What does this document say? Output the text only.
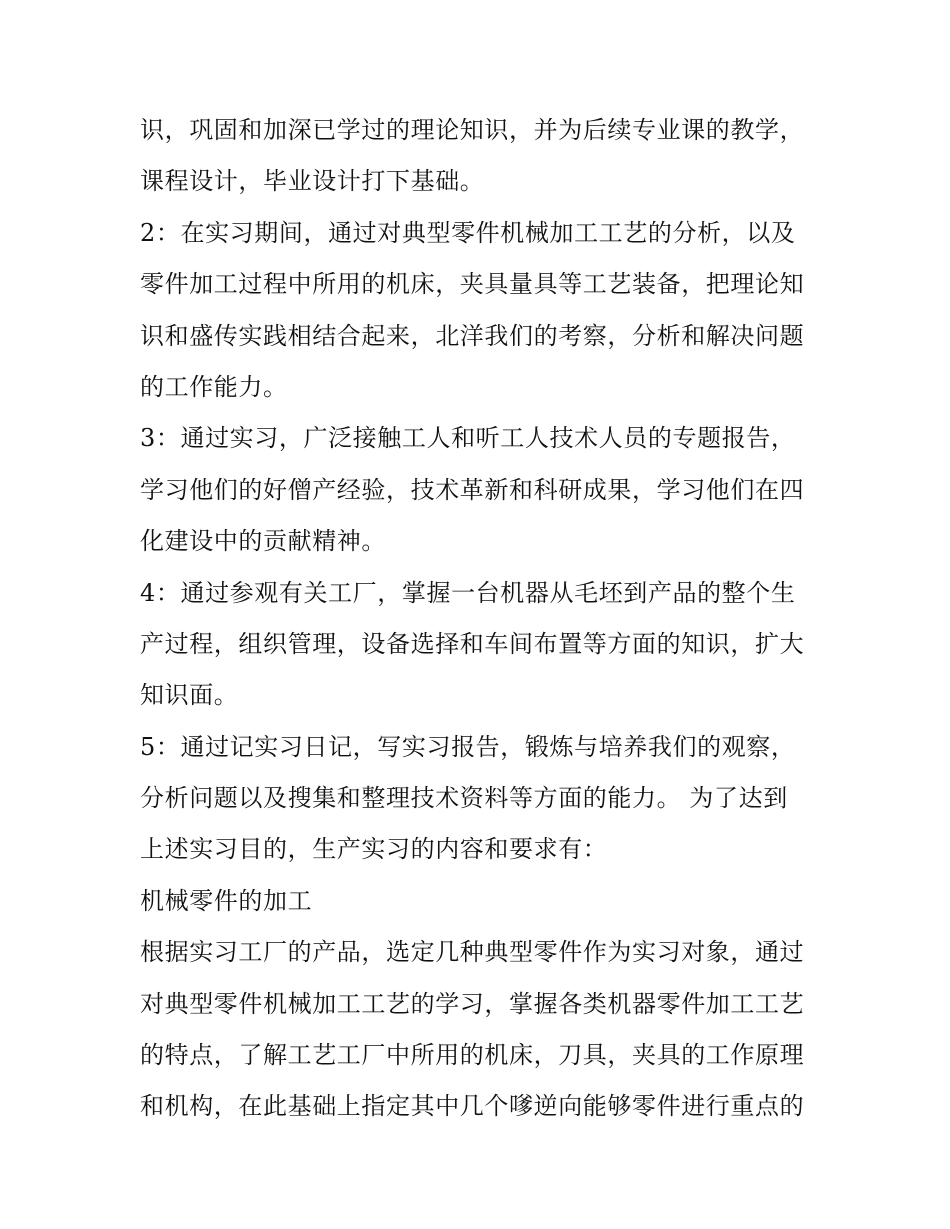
识，巩固和加深已学过的理论知识，并为后续专业课的教学，
课程设计，毕业设计打下基础。
2：在实习期间，通过对典型零件机械加工工艺的分析，以及
零件加工过程中所用的机床，夹具量具等工艺装备，把理论知
识和盛传实践相结合起来，北洋我们的考察，分析和解决问题
的工作能力。
3：通过实习，广泛接触工人和听工人技术人员的专题报告，
学习他们的好僧产经验，技术革新和科研成果，学习他们在四
化建设中的贡献精神。
4：通过参观有关工厂，掌握一台机器从毛坯到产品的整个生
产过程，组织管理，设备选择和车间布置等方面的知识，扩大
知识面。
5：通过记实习日记，写实习报告，锻炼与培养我们的观察，
分析问题以及搜集和整理技术资料等方面的能力。 为了达到
上述实习目的，生产实习的内容和要求有：
机械零件的加工
根据实习工厂的产品，选定几种典型零件作为实习对象，通过
对典型零件机械加工工艺的学习，掌握各类机器零件加工工艺
的特点，了解工艺工厂中所用的机床，刀具，夹具的工作原理
和机构，在此基础上指定其中几个嗲逆向能够零件进行重点的
